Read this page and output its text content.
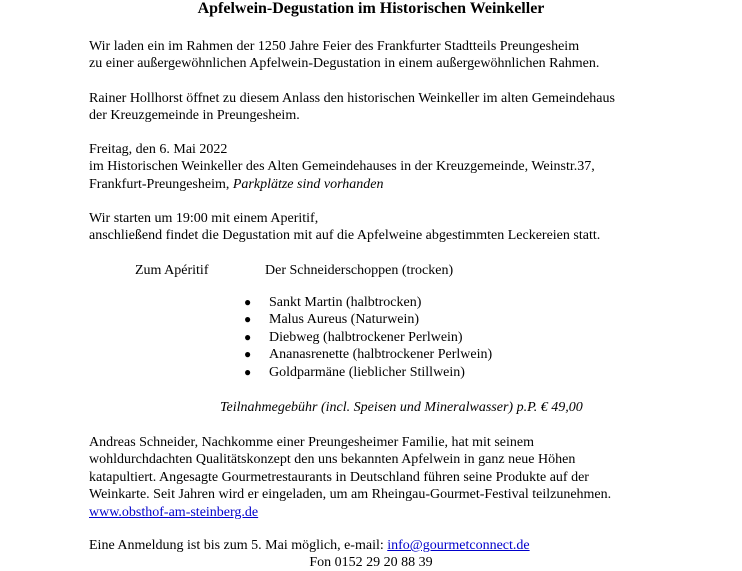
Apfelwein-Degustation im Historischen Weinkeller

Wir laden ein im Rahmen der 1250 Jahre Feier des Frankfurter Stadtteils Preungesheim

zu einer außergewöhnlichen Apfelwein-Degustation in einem außergewöhnlichen Rahmen.

Rainer Hollhorst öffnet zu diesem Anlass den historischen Weinkeller im alten Gemeindehaus

der Kreuzgemeinde in Preungesheim.

Freitag, den 6. Mai 2022

im Historischen Weinkeller des Alten Gemeindehauses in der Kreuzgemeinde, Weinstr.37,

Frankfurt-Preungesheim, Parkplätze sind vorhanden

Wir starten um 19:00 mit einem Aperitif,

anschließend findet die Degustation mit auf die Apfelweine abgestimmten Leckereien statt.

Zum Apéritif	Der Schneiderschoppen (trocken)
● Sankt Martin (halbtrocken)
● Malus Aureus (Naturwein)
● Diebweg (halbtrockener Perlwein)
● Ananasrenette (halbtrockener Perlwein)
● Goldparmäne (lieblicher Stillwein)
Teilnahmegebühr (incl. Speisen und Mineralwasser) p.P. € 49,00

Andreas Schneider, Nachkomme einer Preungesheimer Familie, hat mit seinem

wohldurchdachten Qualitätskonzept den uns bekannten Apfelwein in ganz neue Höhen

katapultiert. Angesagte Gourmetrestaurants in Deutschland führen seine Produkte auf der

Weinkarte. Seit Jahren wird er eingeladen, um am Rheingau-Gourmet-Festival teilzunehmen.

www.obsthof-am-steinberg.de

Eine Anmeldung ist bis zum 5. Mai möglich, e-mail: info@gourmetconnect.de

Fon 0152 29 20 88 39
